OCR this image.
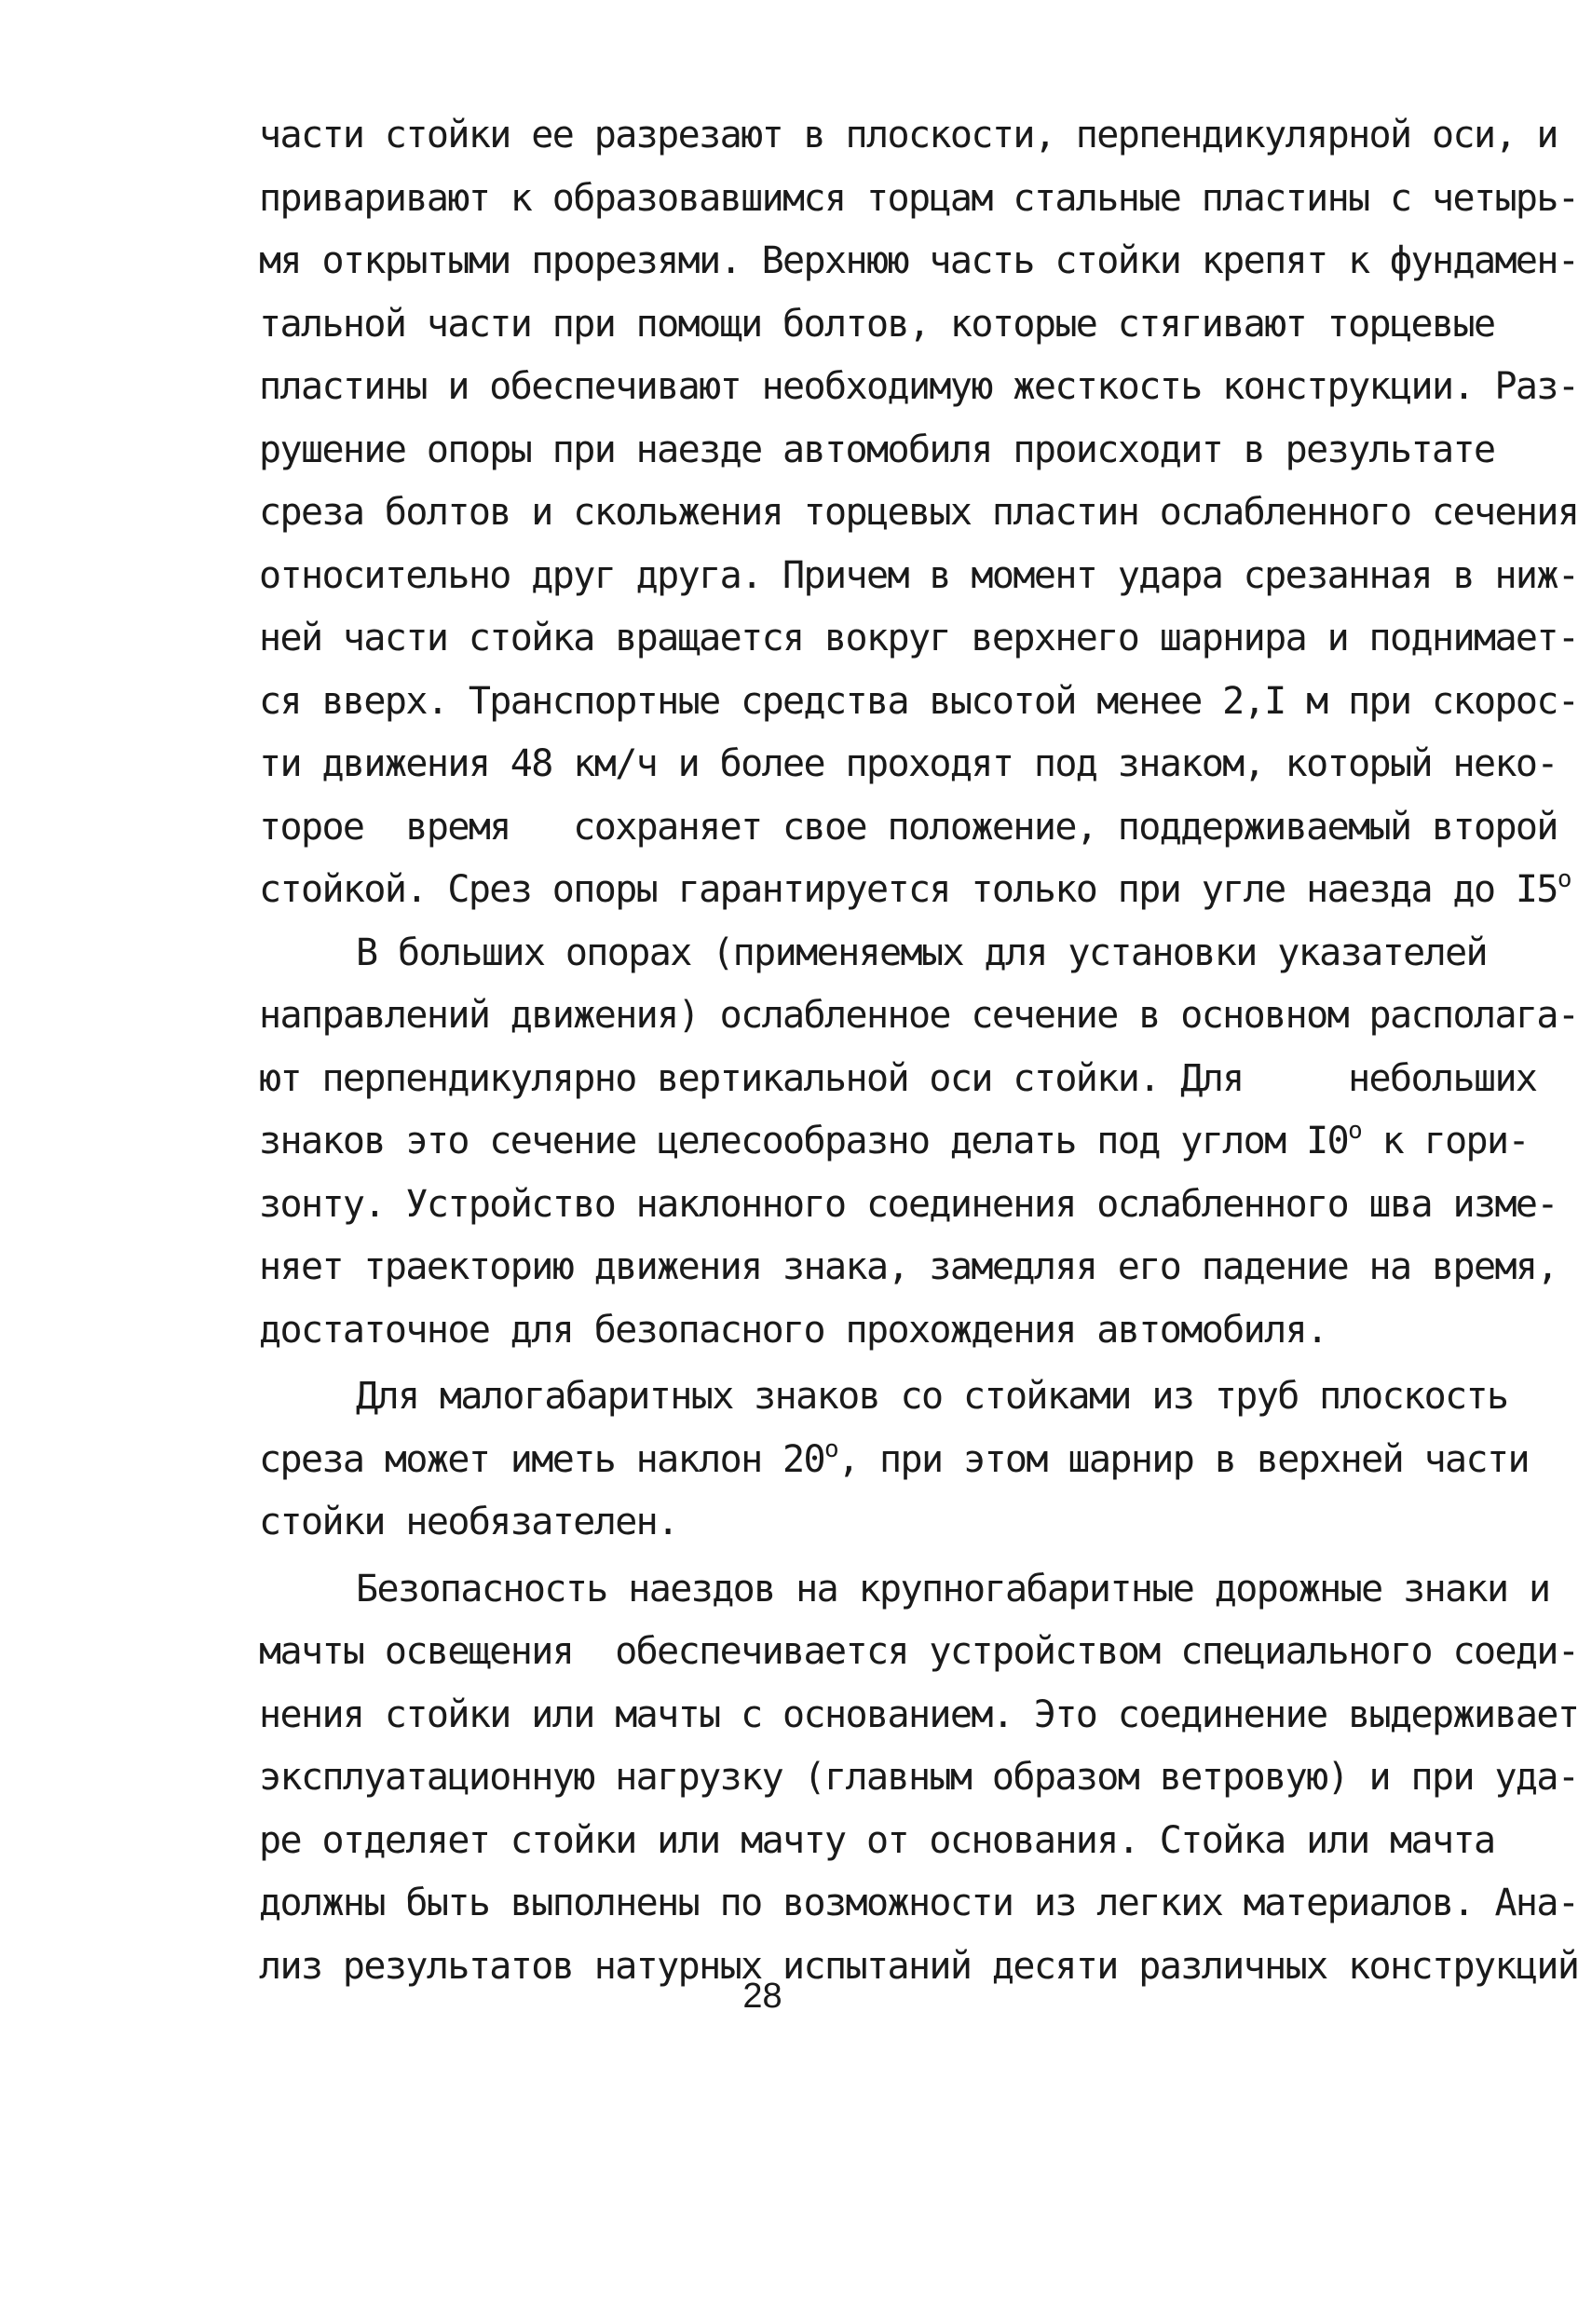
части стойки ее разрезают в плоскости, перпендикулярной оси, и
приваривают к образовавшимся торцам стальные пластины с четырь-
мя открытыми прорезями. Верхнюю часть стойки крепят к фундамен-
тальной части при помощи болтов, которые стягивают торцевые
пластины и обеспечивают необходимую жесткость конструкции. Раз-
рушение опоры при наезде автомобиля происходит в результате
среза болтов и скольжения торцевых пластин ослабленного сечения
относительно друг друга. Причем в момент удара срезанная в ниж-
ней части стойка вращается вокруг верхнего шарнира и поднимает-
ся вверх. Транспортные средства высотой менее 2,I м при скорос-
ти движения 48 км/ч и более проходят под знаком, который неко-
торое  время   сохраняет свое положение, поддерживаемый второй
стойкой. Срез опоры гарантируется только при угле наезда до I5$^o$
В больших опорах (применяемых для установки указателей
направлений движения) ослабленное сечение в основном располага-
ют перпендикулярно вертикальной оси стойки. Для     небольших
знаков это сечение целесообразно делать под углом I0$^o$ к гори-
зонту. Устройство наклонного соединения ослабленного шва изме-
няет траекторию движения знака, замедляя его падение на время,
достаточное для безопасного прохождения автомобиля.
Для малогабаритных знаков со стойками из труб плоскость
среза может иметь наклон 20$^o$, при этом шарнир в верхней части
стойки необязателен.
Безопасность наездов на крупногабаритные дорожные знаки и
мачты освещения  обеспечивается устройством специального соеди-
нения стойки или мачты с основанием. Это соединение выдерживает
эксплуатационную нагрузку (главным образом ветровую) и при уда-
ре отделяет стойки или мачту от основания. Стойка или мачта
должны быть выполнены по возможности из легких материалов. Ана-
лиз результатов натурных испытаний десяти различных конструкций
28
